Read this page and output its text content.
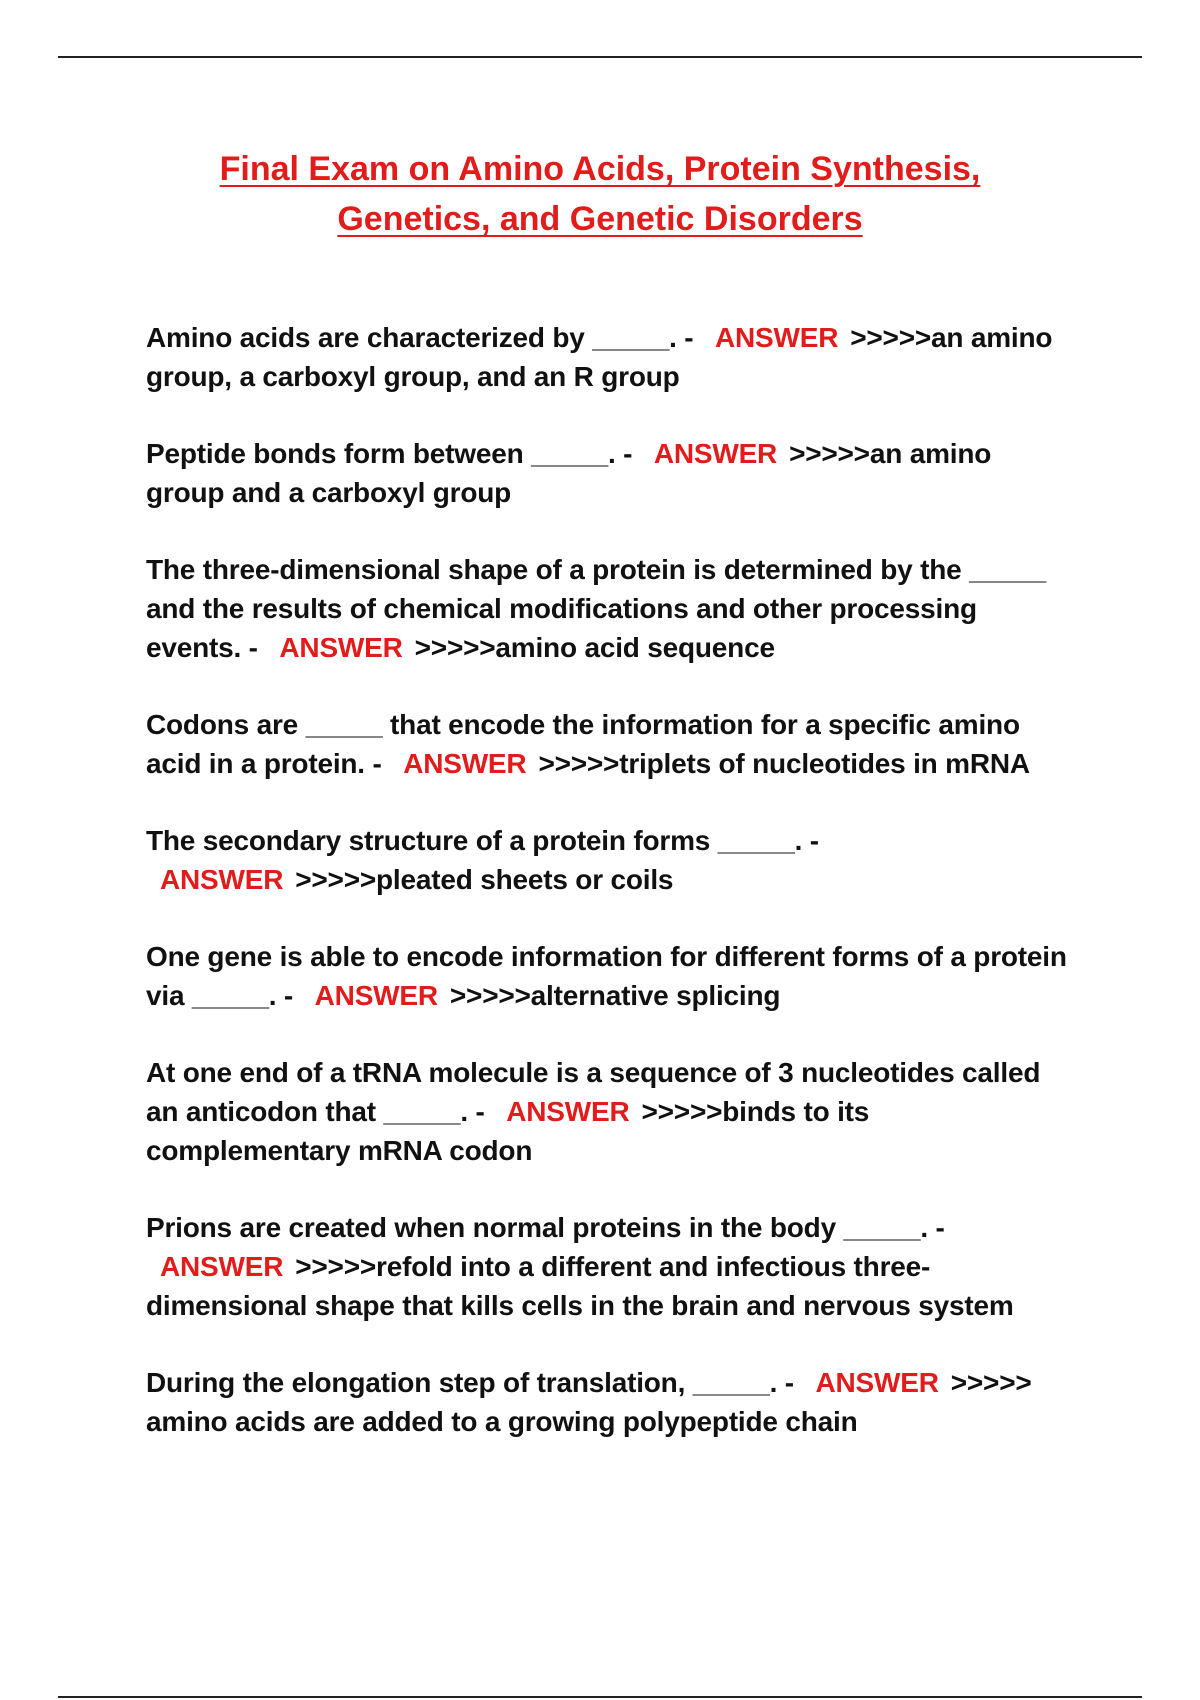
Final Exam on Amino Acids, Protein Synthesis,
Genetics, and Genetic Disorders
Amino acids are characterized by _____. - ANSWER >>>>>an amino group, a carboxyl group, and an R group
Peptide bonds form between _____. - ANSWER >>>>>an amino group and a carboxyl group
The three-dimensional shape of a protein is determined by the _____ and the results of chemical modifications and other processing events. - ANSWER >>>>>amino acid sequence
Codons are _____ that encode the information for a specific amino acid in a protein. - ANSWER >>>>>triplets of nucleotides in mRNA
The secondary structure of a protein forms _____. - ANSWER >>>>>pleated sheets or coils
One gene is able to encode information for different forms of a protein via _____. - ANSWER >>>>>alternative splicing
At one end of a tRNA molecule is a sequence of 3 nucleotides called an anticodon that _____. - ANSWER >>>>>binds to its complementary mRNA codon
Prions are created when normal proteins in the body _____. - ANSWER >>>>>refold into a different and infectious three-dimensional shape that kills cells in the brain and nervous system
During the elongation step of translation, _____. - ANSWER >>>>> amino acids are added to a growing polypeptide chain
